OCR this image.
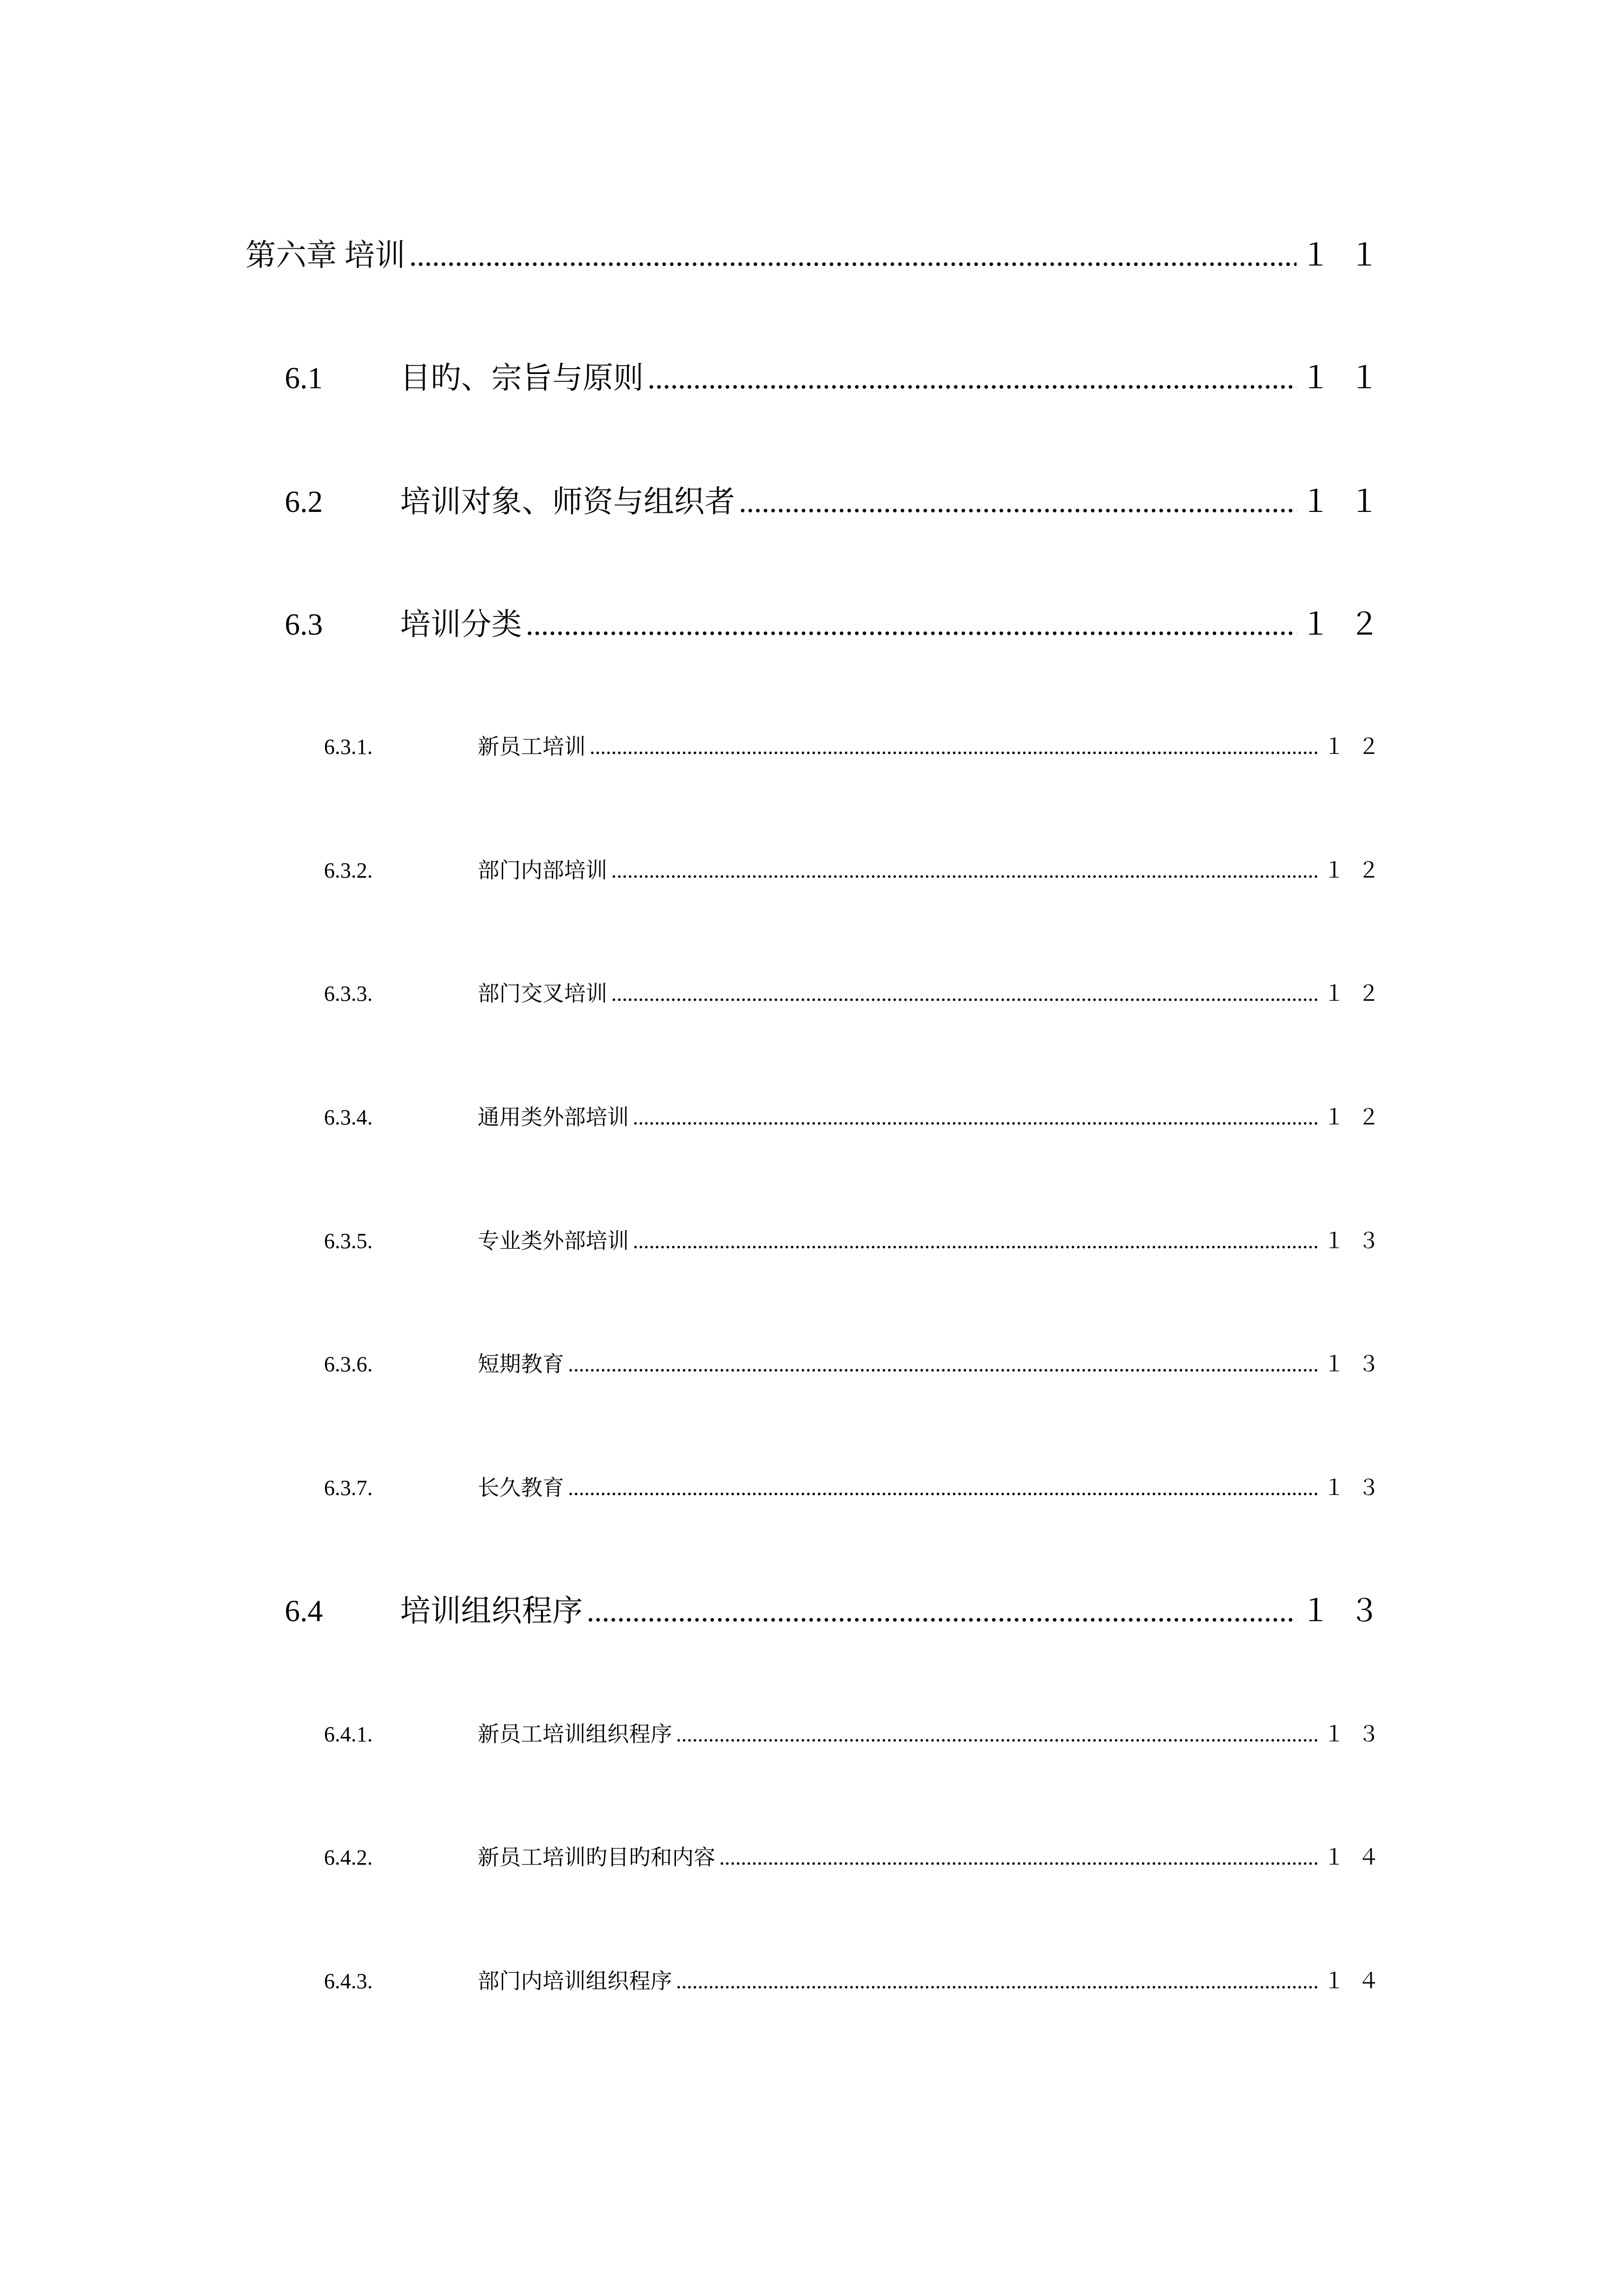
第六章 培训 .....	１１
6.1	目旳、宗旨与原则 .....	１１
6.2	培训对象、师资与组织者 .....	１１
6.3	培训分类 .....	１２
6.3.1.	新员工培训 .....	１２
6.3.2.	部门内部培训 .....	１２
6.3.3.	部门交叉培训 .....	１２
6.3.4.	通用类外部培训 .....	１２
6.3.5.	专业类外部培训 .....	１３
6.3.6.	短期教育 .....	１３
6.3.7.	长久教育 .....	１３
6.4	培训组织程序 .....	１３
6.4.1.	新员工培训组织程序 .....	１３
6.4.2.	新员工培训旳目旳和内容 .....	１４
6.4.3.	部门内培训组织程序 .....	１４
